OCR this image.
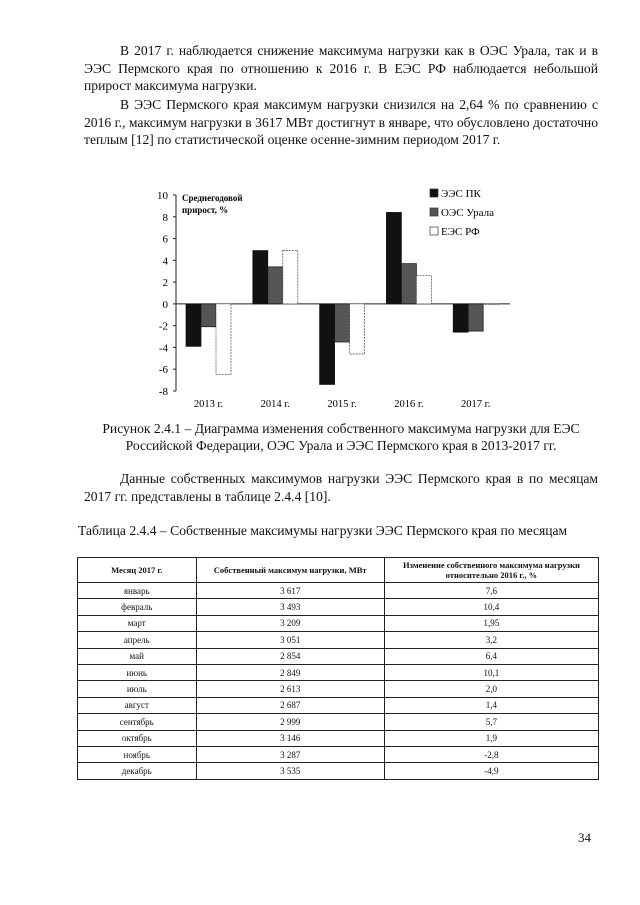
В 2017 г. наблюдается снижение максимума нагрузки как в ОЭС Урала, так и в ЭЭС Пермского края по отношению к 2016 г. В ЕЭС РФ наблюдается небольшой прирост максимума нагрузки.

В ЭЭС Пермского края максимум нагрузки снизился на 2,64 % по сравнению с 2016 г., максимум нагрузки в 3617 МВт достигнут в январе, что обусловлено достаточно теплым [12] по статистической оценке осенне-зимним периодом 2017 г.

10
8
6
4
2
0
-2
-4
-6
-8
2013 г.	2014 г.	2015 г.	2016 г.	2017 г.
Среднегодовой
прирост, %
ЭЭС ПК
ОЭС Урала
ЕЭС РФ

Рисунок 2.4.1 – Диаграмма изменения собственного максимума нагрузки для ЕЭС Российской Федерации, ОЭС Урала и ЭЭС Пермского края в 2013-2017 гг.

Данные собственных максимумов нагрузки ЭЭС Пермского края в по месяцам 2017 гг. представлены в таблице 2.4.4 [10].

Таблица 2.4.4 – Собственные максимумы нагрузки ЭЭС Пермского края по месяцам

Месяц 2017 г.	Собственный максимум нагрузки, МВт	Изменение собственного максимума нагрузки относительно 2016 г., %
январь	3 617	7,6
февраль	3 493	10,4
март	3 209	1,95
апрель	3 051	3,2
май	2 854	6,4
июнь	2 849	10,1
июль	2 613	2,0
август	2 687	1,4
сентябрь	2 999	5,7
октябрь	3 146	1,9
ноябрь	3 287	-2,8
декабрь	3 535	-4,9
34
